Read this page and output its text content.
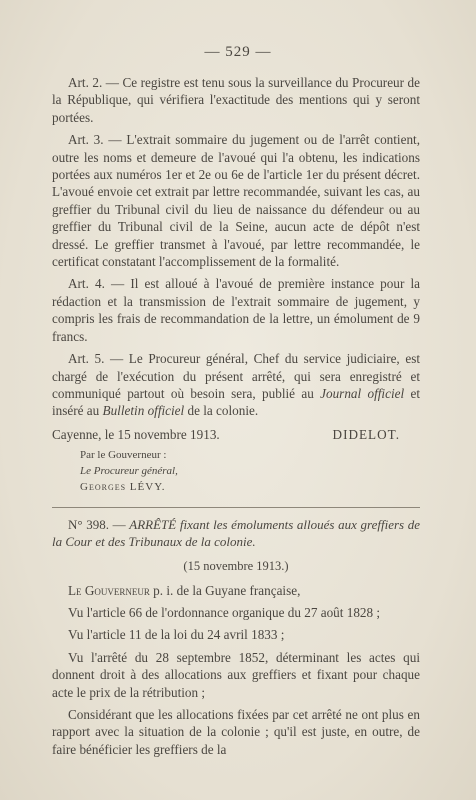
— 529 —

Art. 2. — Ce registre est tenu sous la surveillance du Procureur de la République, qui vérifiera l'exactitude des mentions qui y seront portées.

Art. 3. — L'extrait sommaire du jugement ou de l'arrêt contient, outre les noms et demeure de l'avoué qui l'a obtenu, les indications portées aux numéros 1er et 2e ou 6e de l'article 1er du présent décret. L'avoué envoie cet extrait par lettre recommandée, suivant les cas, au greffier du Tribunal civil du lieu de naissance du défendeur ou au greffier du Tribunal civil de la Seine, aucun acte de dépôt n'est dressé. Le greffier transmet à l'avoué, par lettre recommandée, le certificat constatant l'accomplissement de la formalité.

Art. 4. — Il est alloué à l'avoué de première instance pour la rédaction et la transmission de l'extrait sommaire de jugement, y compris les frais de recommandation de la lettre, un émolument de 9 francs.

Art. 5. — Le Procureur général, Chef du service judiciaire, est chargé de l'exécution du présent arrêté, qui sera enregistré et communiqué partout où besoin sera, publié au Journal officiel et inséré au Bulletin officiel de la colonie.

Cayenne, le 15 novembre 1913.	DIDELOT.
Par le Gouverneur :
Le Procureur général,
Georges LÉVY.

N° 398. — ARRÊTÉ fixant les émoluments alloués aux greffiers de la Cour et des Tribunaux de la colonie.

(15 novembre 1913.)

Le Gouverneur p. i. de la Guyane française,

Vu l'article 66 de l'ordonnance organique du 27 août 1828 ;

Vu l'article 11 de la loi du 24 avril 1833 ;

Vu l'arrêté du 28 septembre 1852, déterminant les actes qui donnent droit à des allocations aux greffiers et fixant pour chaque acte le prix de la rétribution ;

Considérant que les allocations fixées par cet arrêté ne ont plus en rapport avec la situation de la colonie ; qu'il est juste, en outre, de faire bénéficier les greffiers de la
